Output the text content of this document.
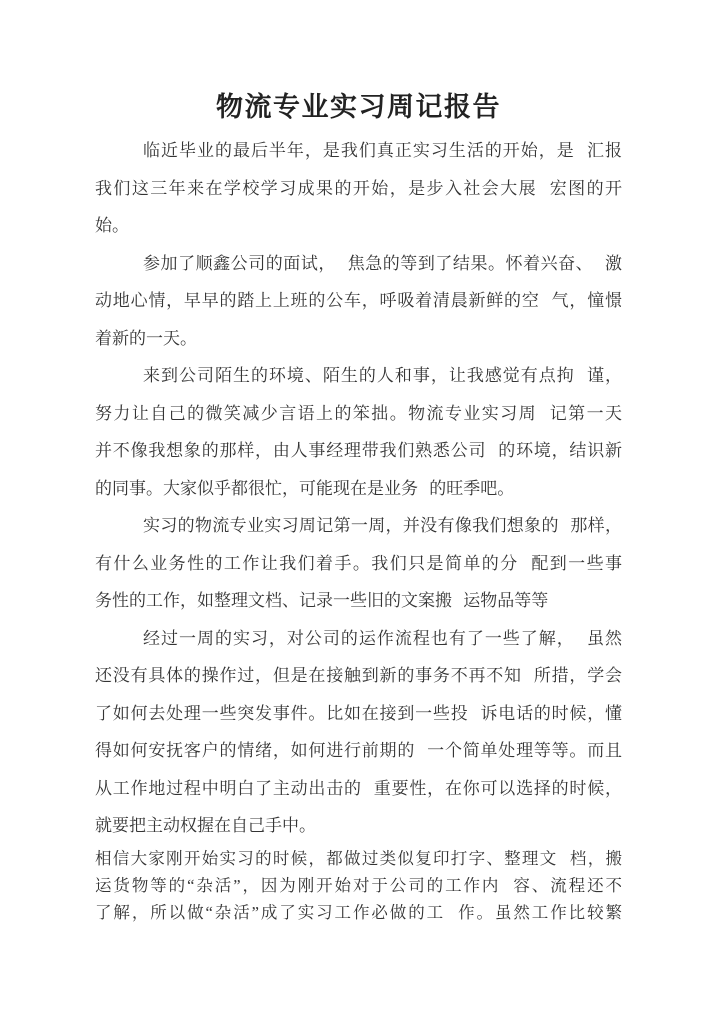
物流专业实习周记报告
临近毕业的最后半年，是我们真正实习生活的开始，是 汇报
我们这三年来在学校学习成果的开始，是步入社会大展 宏图的开
始。
参加了顺鑫公司的面试， 焦急的等到了结果。怀着兴奋、 激
动地心情，早早的踏上上班的公车，呼吸着清晨新鲜的空 气，憧憬
着新的一天。
来到公司陌生的环境、陌生的人和事，让我感觉有点拘 谨，
努力让自己的微笑减少言语上的笨拙。物流专业实习周 记第一天
并不像我想象的那样，由人事经理带我们熟悉公司 的环境，结识新
的同事。大家似乎都很忙，可能现在是业务 的旺季吧。
实习的物流专业实习周记第一周，并没有像我们想象的 那样，
有什么业务性的工作让我们着手。我们只是简单的分 配到一些事
务性的工作，如整理文档、记录一些旧的文案搬 运物品等等
经过一周的实习，对公司的运作流程也有了一些了解， 虽然
还没有具体的操作过，但是在接触到新的事务不再不知 所措，学会
了如何去处理一些突发事件。比如在接到一些投 诉电话的时候，懂
得如何安抚客户的情绪，如何进行前期的 一个简单处理等等。而且
从工作地过程中明白了主动出击的 重要性，在你可以选择的时候，
就要把主动权握在自己手中。
相信大家刚开始实习的时候，都做过类似复印打字、整理文 档，搬
运货物等的“杂活”，因为刚开始对于公司的工作内 容、流程还不
了解，所以做“杂活”成了实习工作必做的工 作。虽然工作比较繁
